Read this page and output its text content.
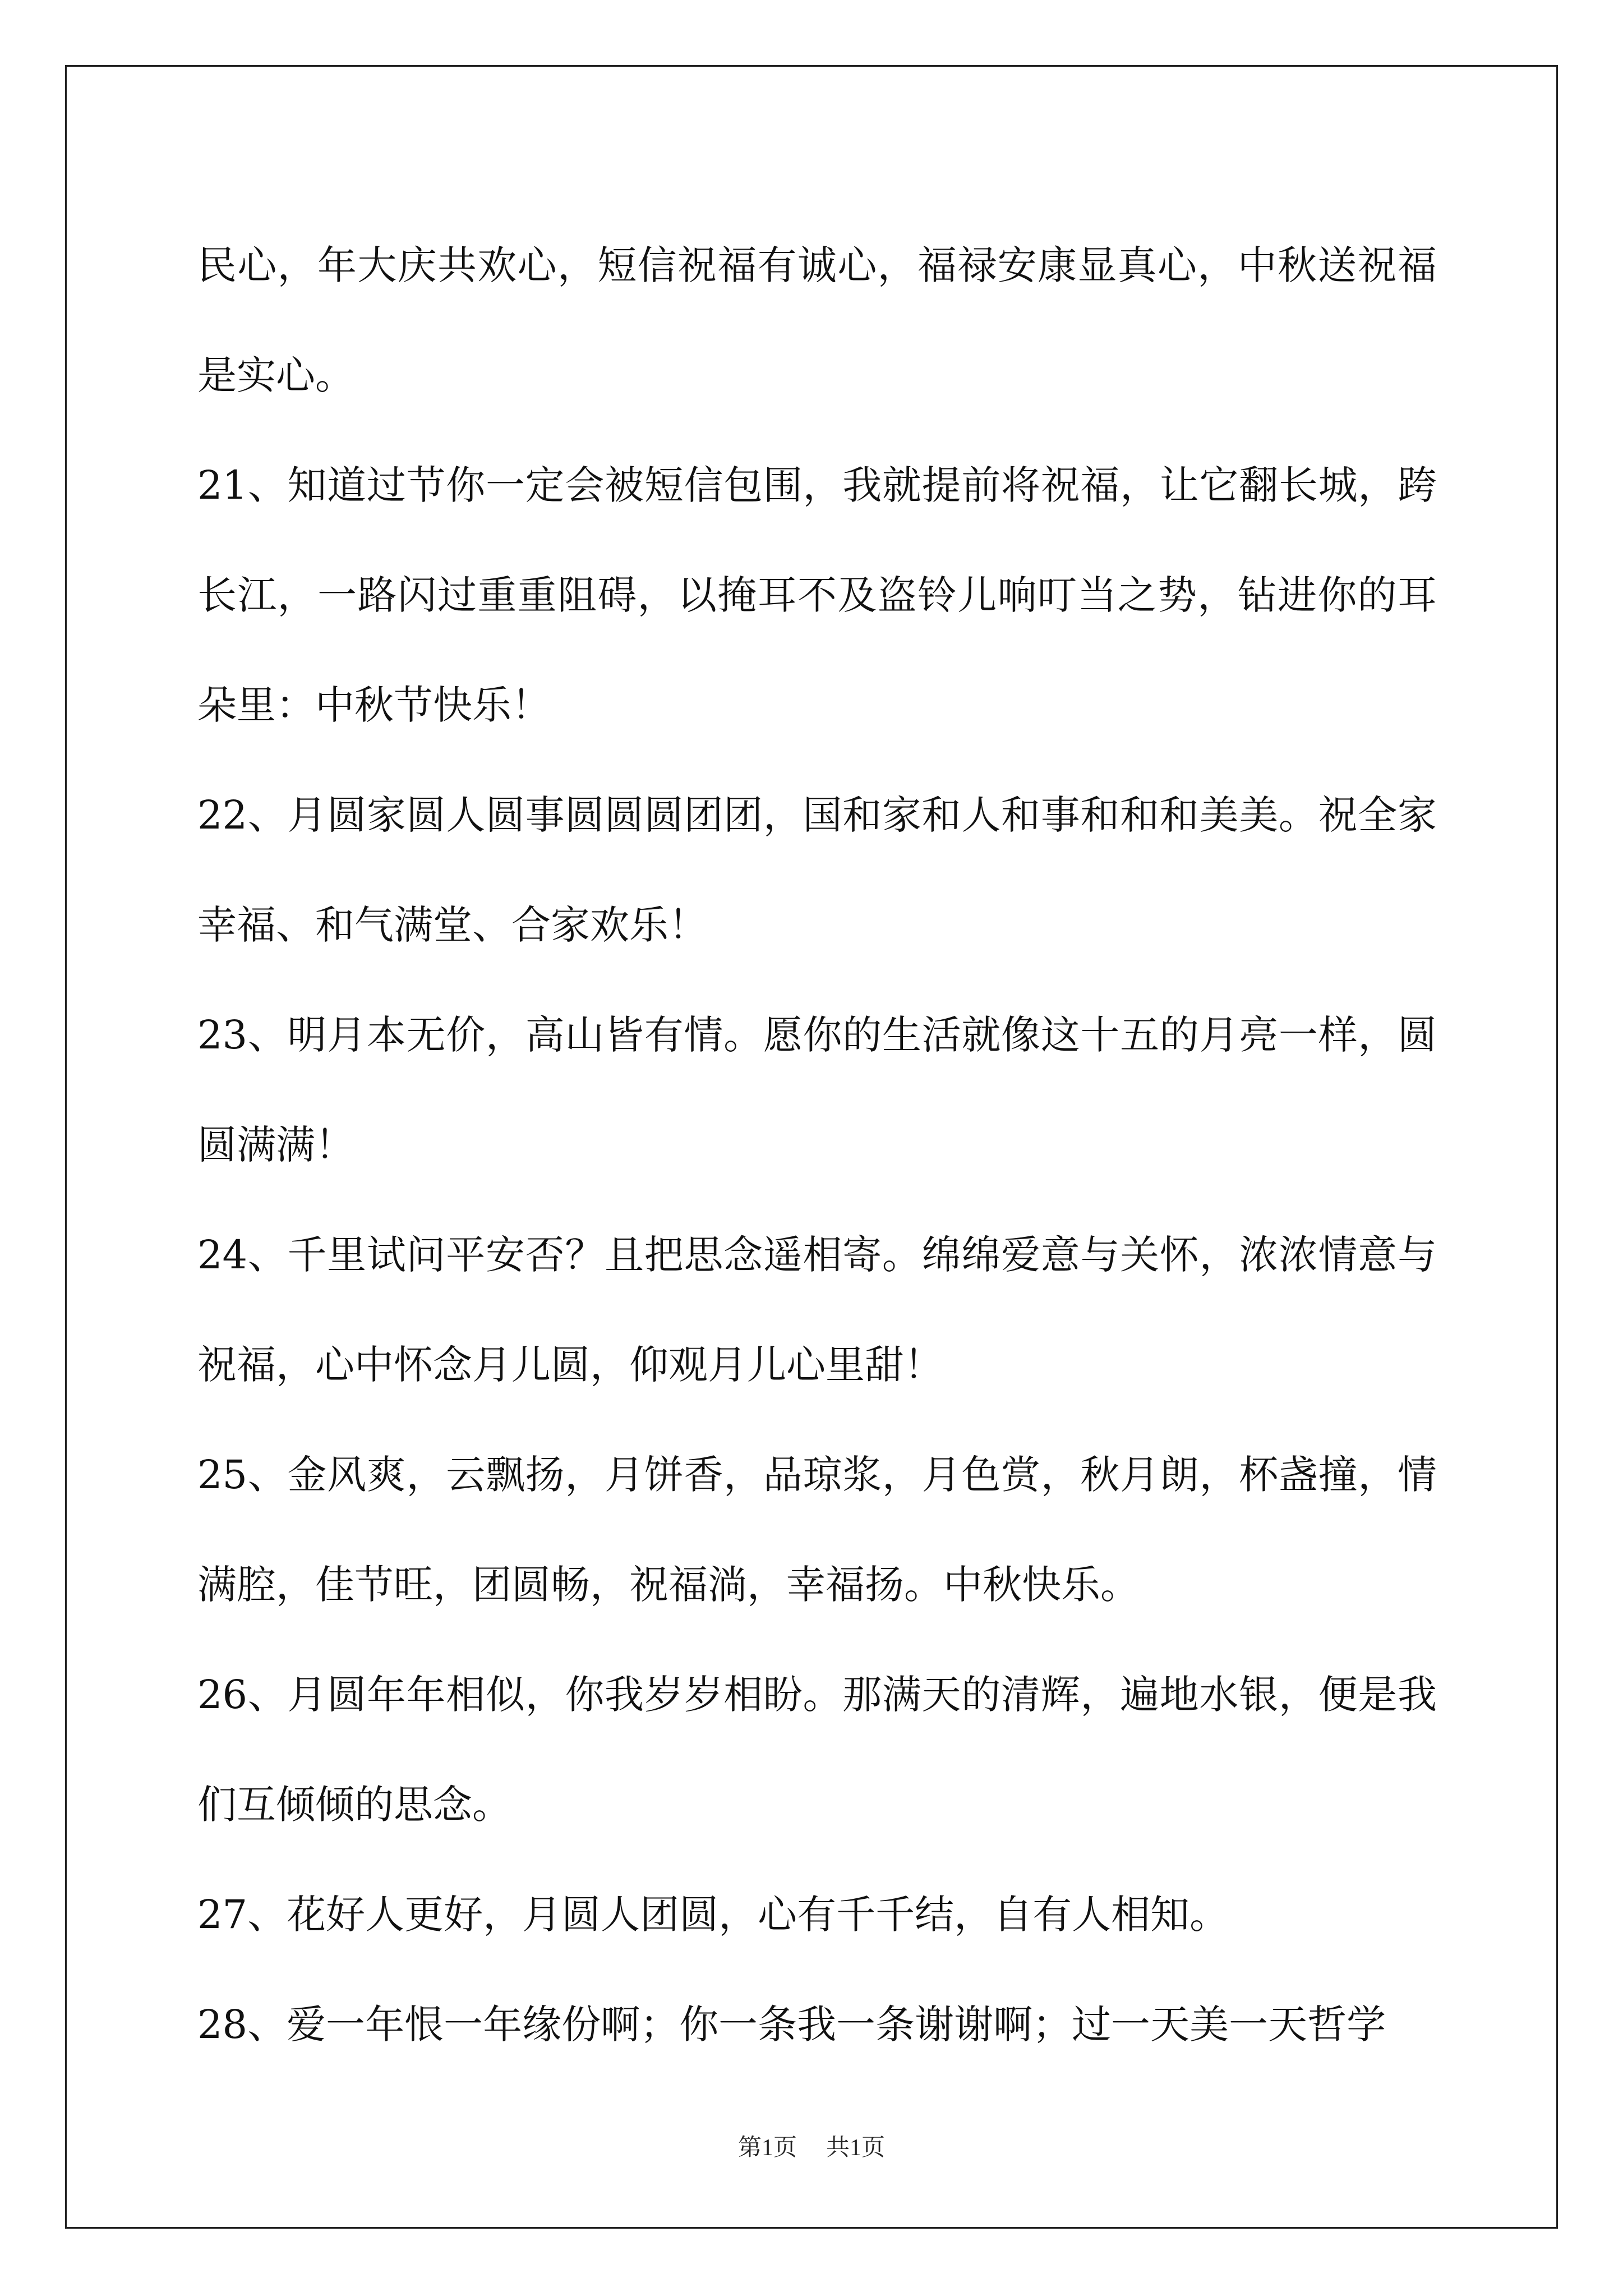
民心，年大庆共欢心，短信祝福有诚心，福禄安康显真心，中秋送祝福是实心。

21、知道过节你一定会被短信包围，我就提前将祝福，让它翻长城，跨长江，一路闪过重重阻碍，以掩耳不及盗铃儿响叮当之势，钻进你的耳朵里：中秋节快乐！

22、月圆家圆人圆事圆圆圆团团，国和家和人和事和和和美美。祝全家幸福、和气满堂、合家欢乐！

23、明月本无价，高山皆有情。愿你的生活就像这十五的月亮一样，圆圆满满！

24、千里试问平安否？且把思念遥相寄。绵绵爱意与关怀，浓浓情意与祝福，心中怀念月儿圆，仰观月儿心里甜！

25、金风爽，云飘扬，月饼香，品琼浆，月色赏，秋月朗，杯盏撞，情满腔，佳节旺，团圆畅，祝福淌，幸福扬。中秋快乐。

26、月圆年年相似，你我岁岁相盼。那满天的清辉，遍地水银，便是我们互倾倾的思念。

27、花好人更好，月圆人团圆，心有千千结，自有人相知。

28、爱一年恨一年缘份啊；你一条我一条谢谢啊；过一天美一天哲学

第1页 共1页
